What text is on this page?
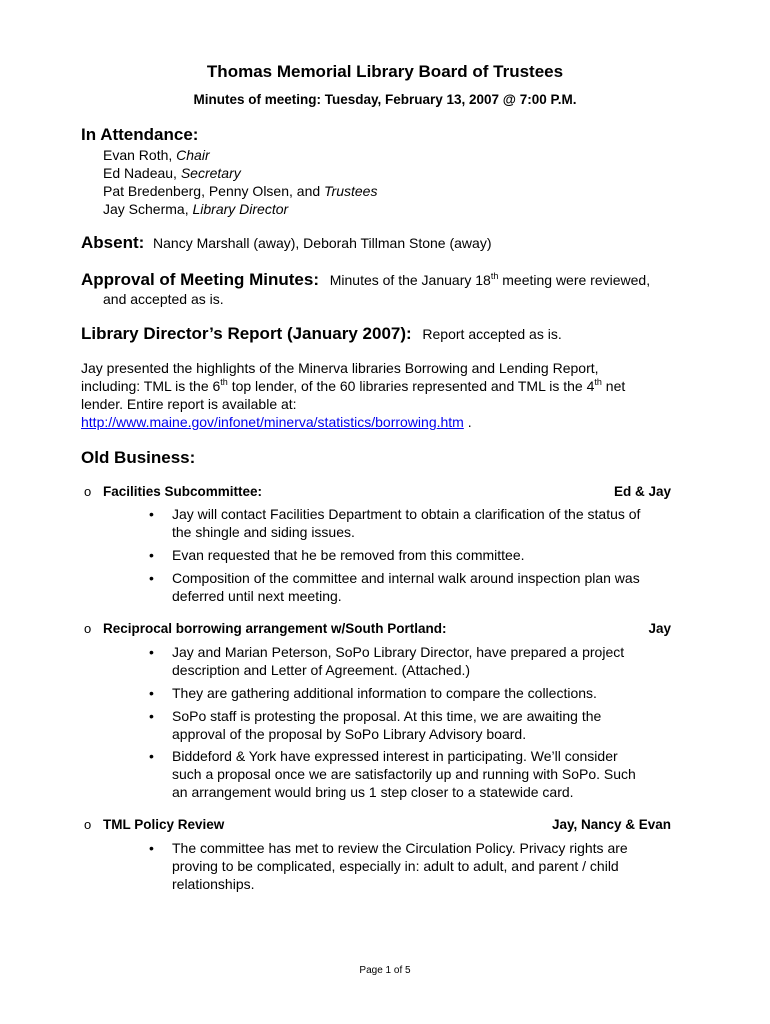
Thomas Memorial Library Board of Trustees
Minutes of meeting: Tuesday, February 13, 2007 @ 7:00 P.M.
In Attendance:
Evan Roth, Chair
Ed Nadeau, Secretary
Pat Bredenberg, Penny Olsen, and Trustees
Jay Scherma, Library Director
Absent: Nancy Marshall (away), Deborah Tillman Stone (away)
Approval of Meeting Minutes: Minutes of the January 18th meeting were reviewed,
and accepted as is.
Library Director’s Report (January 2007): Report accepted as is.
Jay presented the highlights of the Minerva libraries Borrowing and Lending Report,
including: TML is the 6th top lender, of the 60 libraries represented and TML is the 4th net
lender. Entire report is available at:
http://www.maine.gov/infonet/minerva/statistics/borrowing.htm .
Old Business:
o Facilities Subcommittee:	Ed & Jay
• Jay will contact Facilities Department to obtain a clarification of the status of
the shingle and siding issues.
• Evan requested that he be removed from this committee.
• Composition of the committee and internal walk around inspection plan was
deferred until next meeting.
o Reciprocal borrowing arrangement w/South Portland:	Jay
• Jay and Marian Peterson, SoPo Library Director, have prepared a project
description and Letter of Agreement. (Attached.)
• They are gathering additional information to compare the collections.
• SoPo staff is protesting the proposal. At this time, we are awaiting the
approval of the proposal by SoPo Library Advisory board.
• Biddeford & York have expressed interest in participating. We’ll consider
such a proposal once we are satisfactorily up and running with SoPo. Such
an arrangement would bring us 1 step closer to a statewide card.
o TML Policy Review	Jay, Nancy & Evan
• The committee has met to review the Circulation Policy. Privacy rights are
proving to be complicated, especially in: adult to adult, and parent / child
relationships.
Page 1 of 5
